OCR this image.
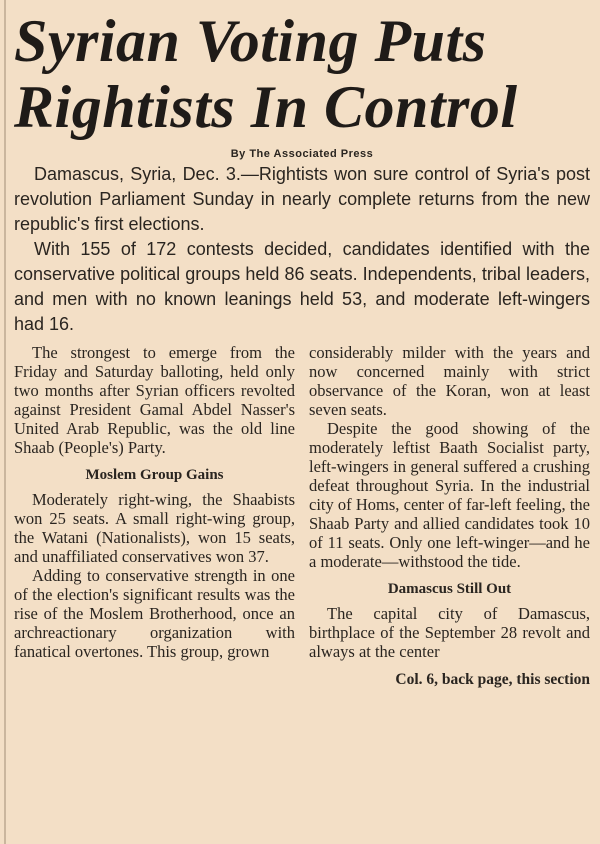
Syrian Voting Puts
Rightists In Control
By The Associated Press

Damascus, Syria, Dec. 3.—Rightists won sure control of Syria's post revolution Parliament Sunday in nearly complete returns from the new republic's first elections.

With 155 of 172 contests decided, candidates identified with the conservative political groups held 86 seats. Independents, tribal leaders, and men with no known leanings held 53, and moderate left-wingers had 16.

The strongest to emerge from the Friday and Saturday balloting, held only two months after Syrian officers revolted against President Gamal Abdel Nasser's United Arab Republic, was the old line Shaab (People's) Party.

Moslem Group Gains

Moderately right-wing, the Shaabists won 25 seats. A small right-wing group, the Watani (Nationalists), won 15 seats, and unaffiliated conservatives won 37.

Adding to conservative strength in one of the election's significant results was the rise of the Moslem Brotherhood, once an archreactionary organization with fanatical overtones. This group, grown

considerably milder with the years and now concerned mainly with strict observance of the Koran, won at least seven seats.

Despite the good showing of the moderately leftist Baath Socialist party, left-wingers in general suffered a crushing defeat throughout Syria. In the industrial city of Homs, center of far-left feeling, the Shaab Party and allied candidates took 10 of 11 seats. Only one left-winger—and he a moderate—withstood the tide.

Damascus Still Out

The capital city of Damascus, birthplace of the September 28 revolt and always at the center

Col. 6, back page, this section
